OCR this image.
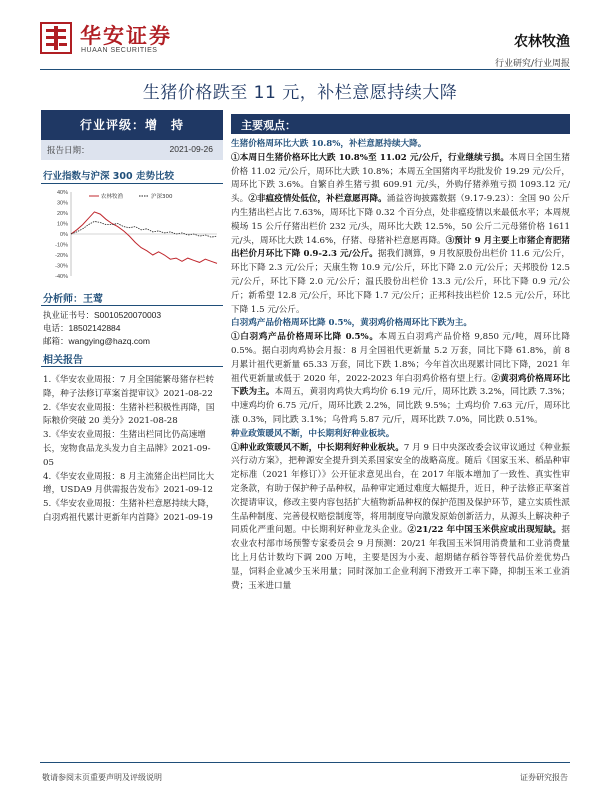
华安证券
HUAAN SECURITIES
农林牧渔
行业研究/行业周报
生猪价格跌至 11 元，补栏意愿持续大降
行业评级：增　持
报告日期：	2021-09-26
行业指数与沪深 300 走势比较
40%
30%
20%
10%
0%
-10%
-20%
-30%
-40%
农林牧渔	沪深300
分析师：王莺
执业证书号：S0010520070003
电话：18502142884
邮箱：wangying@hazq.com
相关报告

1.《华安农业周报：7 月全国能繁母猪存栏转降，种子法修订草案首提审议》2021-08-22

2.《华安农业周报：生猪补栏积极性再降，国际粮价突破 20 美分》2021-08-28

3.《华安农业周报：生猪出栏同比仍高速增长，宠物食品龙头发力自主品牌》2021-09-05

4.《华安农业周报：8 月主流猪企出栏同比大增，USDA9 月供需报告发布》2021-09-12

5.《华安农业周报：生猪补栏意愿持续大降，白羽鸡祖代累计更新年内首降》2021-09-19

主要观点：

生猪价格周环比大跌 10.8%，补栏意愿持续大降。

①本周日生猪价格环比大跌 10.8%至 11.02 元/公斤，行业继续亏损。本周日全国生猪价格 11.02 元/公斤，周环比大跌 10.8%；本周五全国猪肉平均批发价 19.29 元/公斤，周环比下跌 3.6%。自繁自养生猪亏损 609.91 元/头，外购仔猪养殖亏损 1093.12 元/头。②非瘟疫情处低位，补栏意愿再降。涌益咨询披露数据（9.17-9.23）：全国 90 公斤内生猪出栏占比 7.63%，周环比下降 0.32 个百分点，处非瘟疫情以来最低水平；本周规模场 15 公斤仔猪出栏价 232 元/头，周环比大跌 12.5%，50 公斤二元母猪价格 1611 元/头，周环比大跌 14.6%，仔猪、母猪补栏意愿再降。③预计 9 月主要上市猪企育肥猪出栏价月环比下降 0.9-2.3 元/公斤。据我们测算，9 月牧原股份出栏价 11.6 元/公斤，环比下降 2.3 元/公斤；天康生物 10.9 元/公斤，环比下降 2.0 元/公斤；天邦股份 12.5 元/公斤，环比下降 2.0 元/公斤；温氏股份出栏价 13.3 元/公斤，环比下降 0.9 元/公斤；新希望 12.8 元/公斤，环比下降 1.7 元/公斤；正邦科技出栏价 12.5 元/公斤，环比下降 1.5 元/公斤。

白羽鸡产品价格周环比降 0.5%，黄羽鸡价格周环比下跌为主。

①白羽鸡产品价格周环比降 0.5%。本周五白羽鸡产品价格 9,850 元/吨，周环比降 0.5%。据白羽肉鸡协会月报：8 月全国祖代更新量 5.2 万套，同比下降 61.8%，前 8 月累计祖代更新量 65.33 万套，同比下跌 1.8%；今年首次出现累计同比下降，2021 年祖代更新量或低于 2020 年，2022-2023 年白羽鸡价格有望上行。②黄羽鸡价格周环比下跌为主。本周五，黄羽肉鸡快大鸡均价 6.19 元/斤，周环比跌 3.2%，同比跌 7.3%；中速鸡均价 6.75 元/斤，周环比跌 2.2%，同比跌 9.5%；土鸡均价 7.63 元/斤，周环比涨 0.3%，同比跌 3.1%；乌骨鸡 5.87 元/斤，周环比跌 7.0%，同比跌 0.51%。

种业政策暖风不断，中长期利好种业板块。

①种业政策暖风不断，中长期利好种业板块。7 月 9 日中央深改委会议审议通过《种业振兴行动方案》，把种源安全提升到关系国家安全的战略高度。随后《国家玉米、稻品种审定标准（2021 年修订）》公开征求意见出台，在 2017 年版本增加了一致性、真实性审定条款，有助于保护种子品种权，品种审定通过难度大幅提升，近日，种子法修正草案首次提请审议，修改主要内容包括扩大植物新品种权的保护范围及保护环节，建立实质性派生品种制度、完善侵权赔偿制度等，将用制度导向激发原始创新活力，从源头上解决种子同质化严重问题。中长期利好种业龙头企业。②21/22 年中国玉米供应或出现短缺。据农业农村部市场预警专家委员会 9 月预测：20/21 年我国玉米饲用消费量和工业消费量比上月估计数均下调 200 万吨，主要是因为小麦、超期储存稻谷等替代品价差优势凸显，饲料企业减少玉米用量；同时深加工企业利润下滑致开工率下降，抑制玉米工业消费；玉米进口量

敬请参阅末页重要声明及评级说明	证券研究报告
